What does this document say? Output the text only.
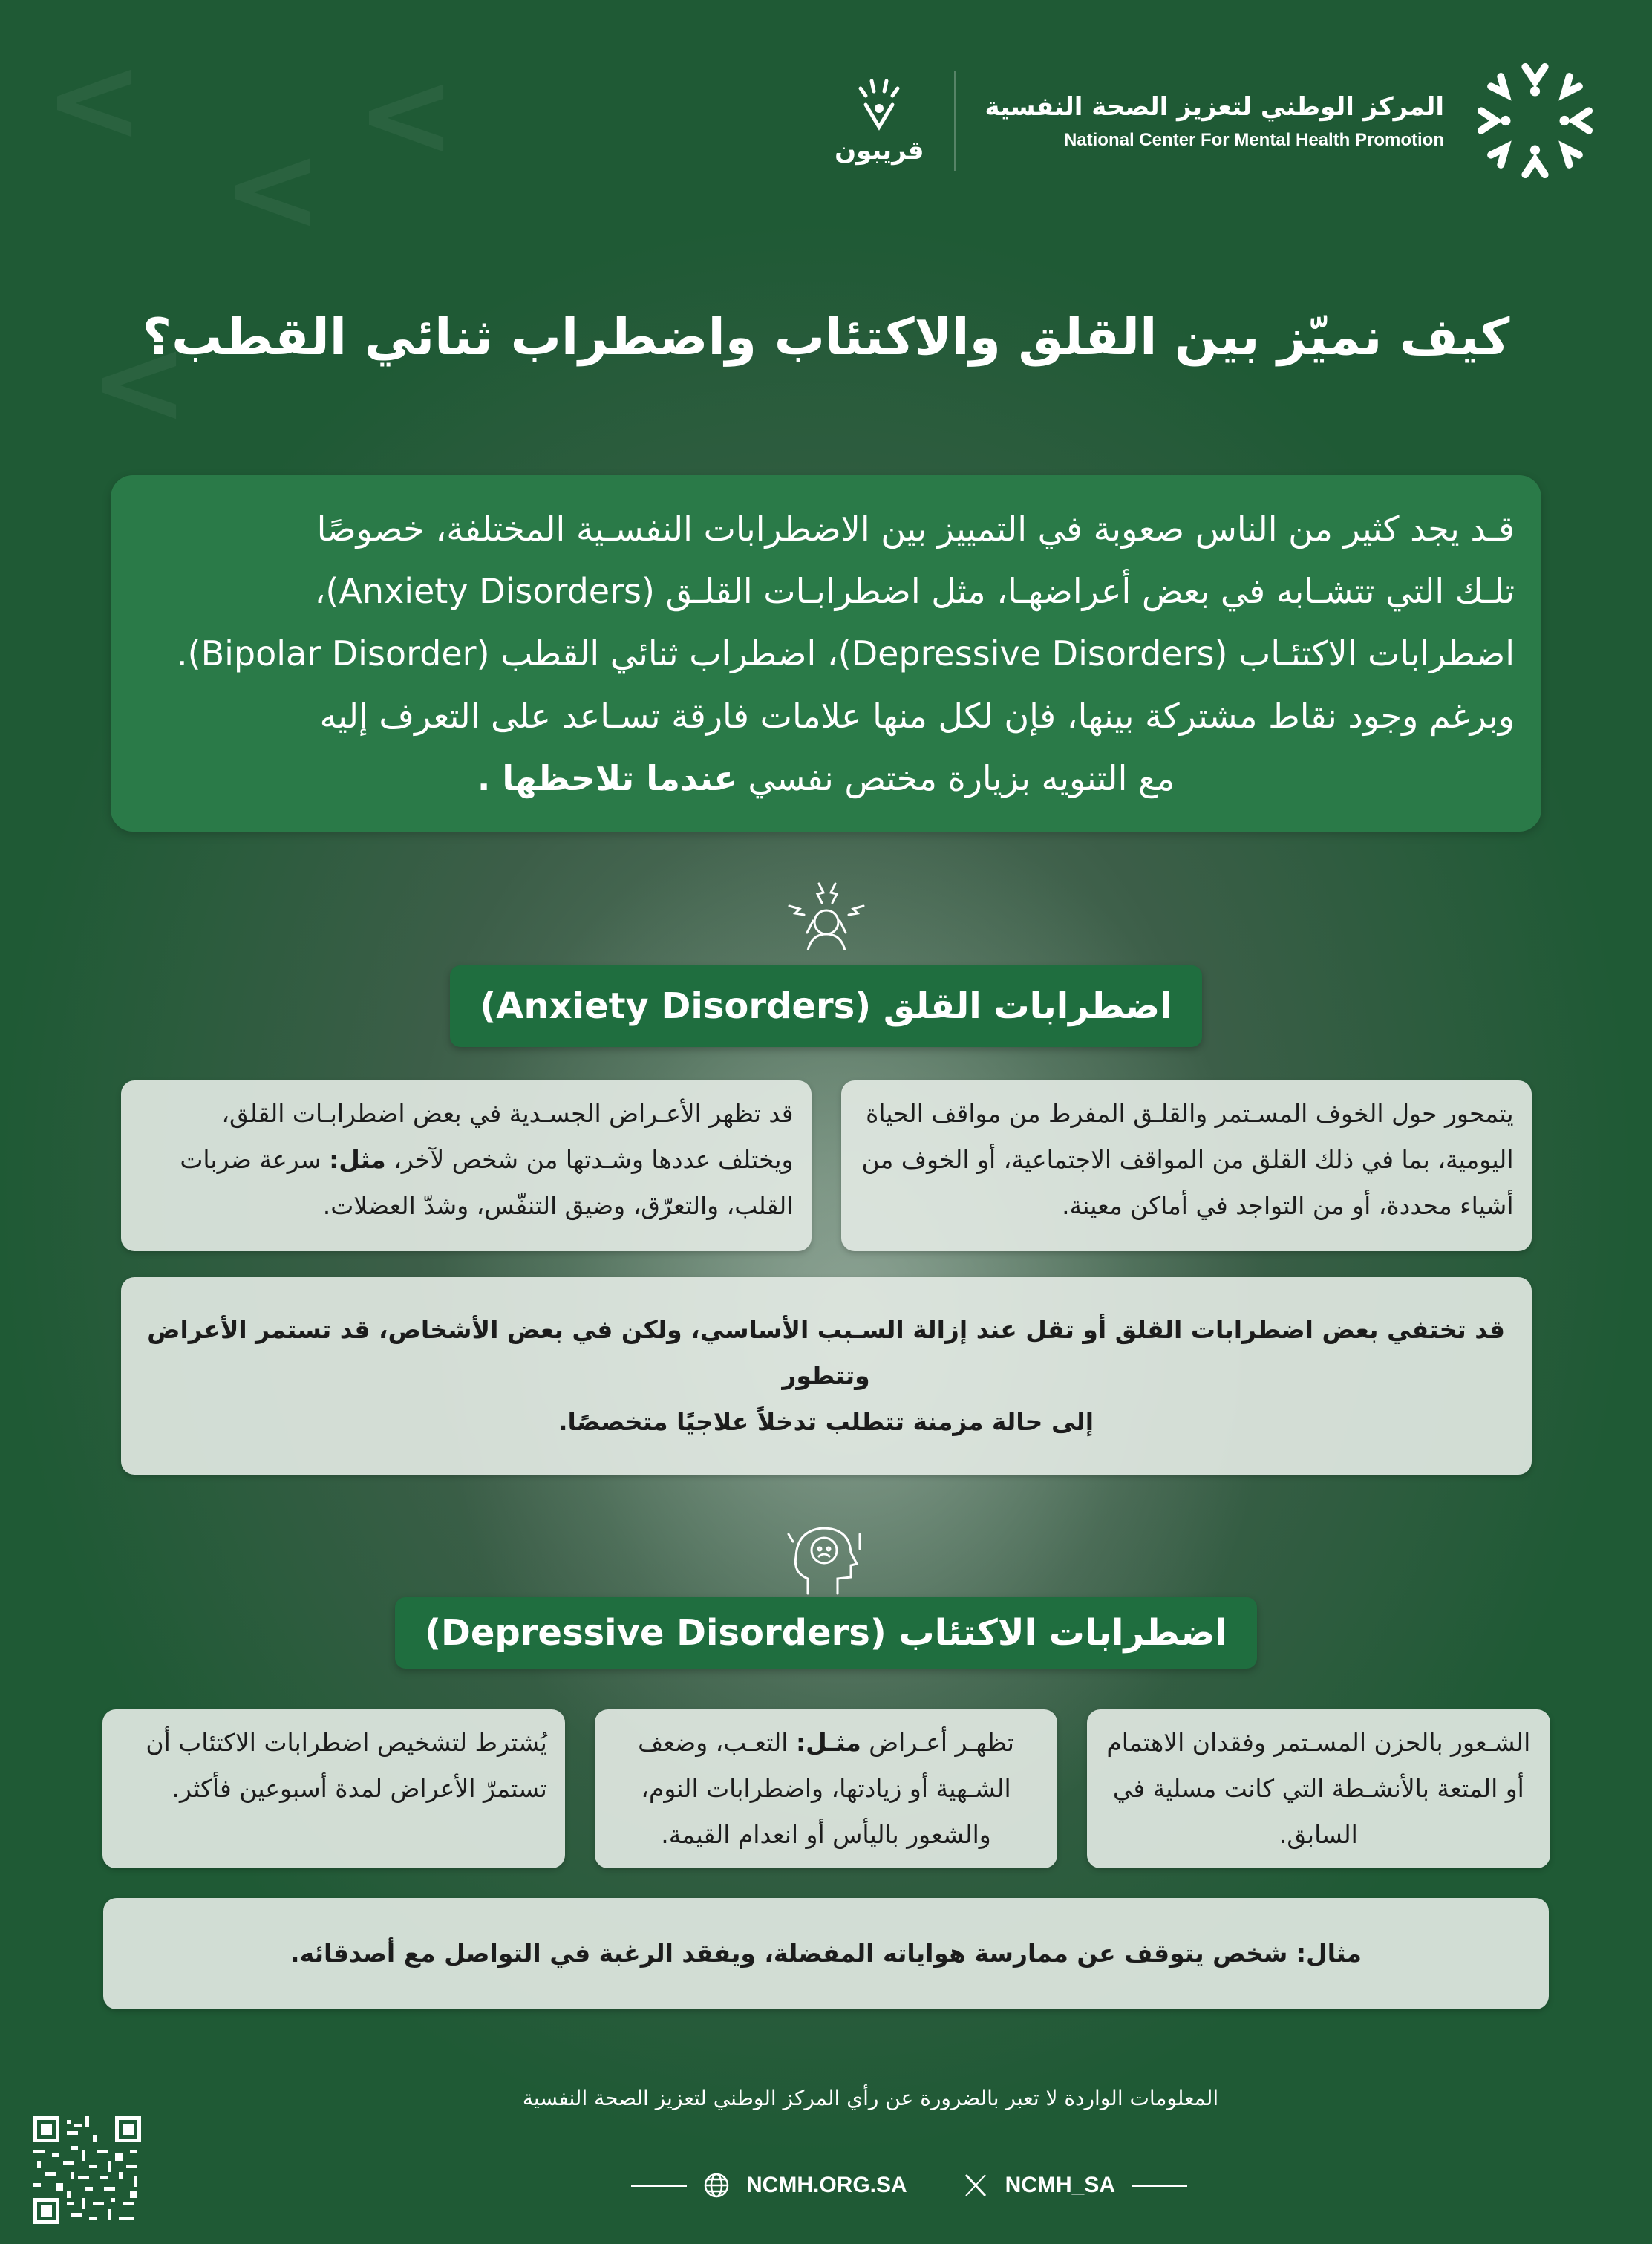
<
<
<
<	قريبون
المركز الوطني لتعزيز الصحة النفسية
National Center For Mental Health Promotion
كيف نميّز بين القلق والاكتئاب واضطراب ثنائي القطب؟
قـد يجد كثير من الناس صعوبة في التمييز بين الاضطرابات النفسـية المختلفة، خصوصًا
تلـك التي تتشـابه في بعض أعراضهـا، مثل اضطرابـات القلـق (Anxiety Disorders)،
اضطرابات الاكتئـاب (Depressive Disorders)، اضطراب ثنائي القطب (Bipolar Disorder).
وبرغم وجود نقاط مشتركة بينها، فإن لكل منها علامات فارقة تسـاعد على التعرف إليه
مع التنويه بزيارة مختص نفسي عندما تلاحظها .
اضطرابات القلق (Anxiety Disorders)
يتمحور حول الخوف المسـتمر والقلـق المفرط من مواقف الحياة اليومية، بما في ذلك القلق من المواقف الاجتماعية، أو الخوف من أشياء محددة، أو من التواجد في أماكن معينة.
قد تظهر الأعـراض الجسـدية في بعض اضطرابـات القلق، ويختلف عددها وشـدتها من شخص لآخر، مثل: سرعة ضربات القلب، والتعرّق، وضيق التنفّس، وشدّ العضلات.
قد تختفي بعض اضطرابات القلق أو تقل عند إزالة السـبب الأساسي، ولكن في بعض الأشخاص، قد تستمر الأعراض وتتطور
إلى حالة مزمنة تتطلب تدخلاً علاجيًا متخصصًا.
اضطرابات الاكتئاب (Depressive Disorders)
الشـعور بالحزن المسـتمر وفقدان الاهتمام أو المتعة بالأنشـطة التي كانت مسلية في السابق.
تظهـر أعـراض مثـل: التعـب، وضعف الشـهية أو زيادتها، واضطرابات النوم، والشعور باليأس أو انعدام القيمة.
يُشترط لتشخيص اضطرابات الاكتئاب أن تستمرّ الأعراض لمدة أسبوعين فأكثر.
مثال: شخص يتوقف عن ممارسة هواياته المفضلة، ويفقد الرغبة في التواصل مع أصدقائه.
المعلومات الواردة لا تعبر بالضرورة عن رأي المركز الوطني لتعزيز الصحة النفسية
NCMH.ORG.SA	NCMH_SA
